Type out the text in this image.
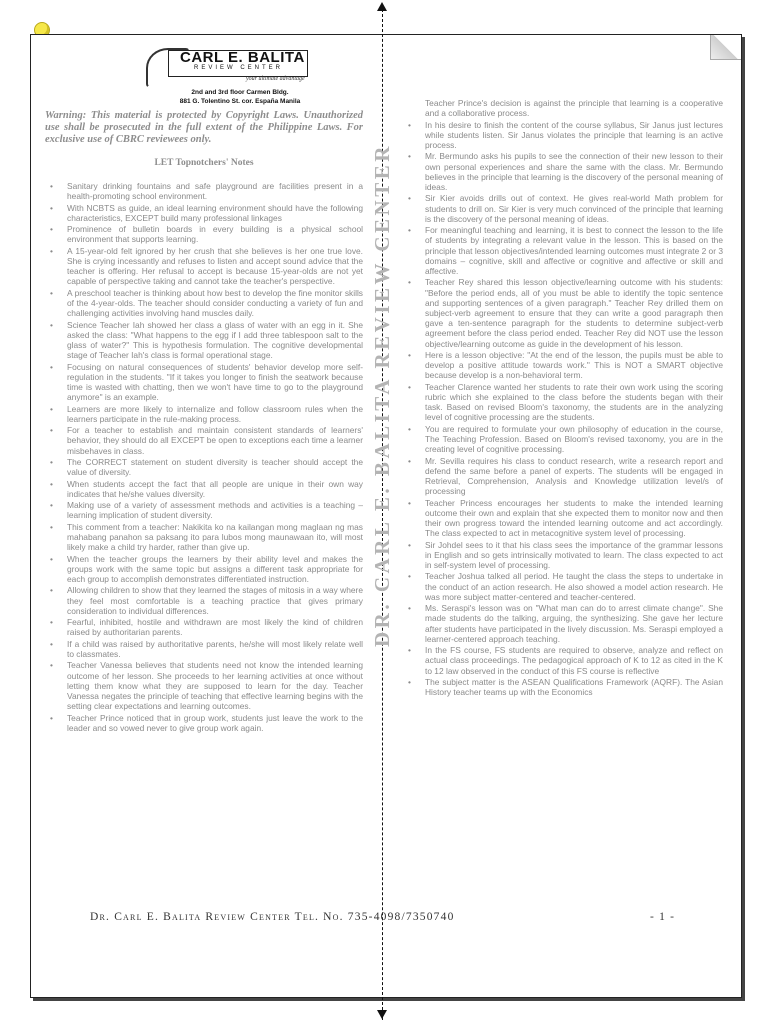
CARL E. BALITA
REVIEW CENTER
your ultimate advantage
2nd and 3rd floor Carmen Bldg.
881 G. Tolentino St. cor. España Manila
Warning: This material is protected by Copyright Laws. Unauthorized use shall be prosecuted in the full extent of the Philippine Laws. For exclusive use of CBRC reviewees only.
LET Topnotchers' Notes	DR. CARL E. BALITA REVIEW CENTER
• Sanitary drinking fountains and safe playground are facilities present in a health-promoting school environment.
• With NCBTS as guide, an ideal learning environment should have the following characteristics, EXCEPT build many professional linkages
• Prominence of bulletin boards in every building is a physical school environment that supports learning.
• A 15-year-old felt ignored by her crush that she believes is her one true love. She is crying incessantly and refuses to listen and accept sound advice that the teacher is offering. Her refusal to accept is because 15-year-olds are not yet capable of perspective taking and cannot take the teacher's perspective.
• A preschool teacher is thinking about how best to develop the fine monitor skills of the 4-year-olds. The teacher should consider conducting a variety of fun and challenging activities involving hand muscles daily.
• Science Teacher Iah showed her class a glass of water with an egg in it. She asked the class: "What happens to the egg if I add three tablespoon salt to the glass of water?" This is hypothesis formulation. The cognitive developmental stage of Teacher Iah's class is formal operational stage.
• Focusing on natural consequences of students' behavior develop more self-regulation in the students. "If it takes you longer to finish the seatwork because time is wasted with chatting, then we won't have time to go to the playground anymore" is an example.
• Learners are more likely to internalize and follow classroom rules when the learners participate in the rule-making process.
• For a teacher to establish and maintain consistent standards of learners' behavior, they should do all EXCEPT be open to exceptions each time a learner misbehaves in class.
• The CORRECT statement on student diversity is teacher should accept the value of diversity.
• When students accept the fact that all people are unique in their own way indicates that he/she values diversity.
• Making use of a variety of assessment methods and activities is a teaching – learning implication of student diversity.
• This comment from a teacher: Nakikita ko na kailangan mong maglaan ng mas mahabang panahon sa paksang ito para lubos mong maunawaan ito, will most likely make a child try harder, rather than give up.
• When the teacher groups the learners by their ability level and makes the groups work with the same topic but assigns a different task appropriate for each group to accomplish demonstrates differentiated instruction.
• Allowing children to show that they learned the stages of mitosis in a way where they feel most comfortable is a teaching practice that gives primary consideration to individual differences.
• Fearful, inhibited, hostile and withdrawn are most likely the kind of children raised by authoritarian parents.
• If a child was raised by authoritative parents, he/she will most likely relate well to classmates.
• Teacher Vanessa believes that students need not know the intended learning outcome of her lesson. She proceeds to her learning activities at once without letting them know what they are supposed to learn for the day. Teacher Vanessa negates the principle of teaching that effective learning begins with the setting clear expectations and learning outcomes.
• Teacher Prince noticed that in group work, students just leave the work to the leader and so vowed never to give group work again.
Teacher Prince's decision is against the principle that learning is a cooperative and a collaborative process.
• In his desire to finish the content of the course syllabus, Sir Janus just lectures while students listen. Sir Janus violates the principle that learning is an active process.
• Mr. Bermundo asks his pupils to see the connection of their new lesson to their own personal experiences and share the same with the class. Mr. Bermundo believes in the principle that learning is the discovery of the personal meaning of ideas.
• Sir Kier avoids drills out of context. He gives real-world Math problem for students to drill on. Sir Kier is very much convinced of the principle that learning is the discovery of the personal meaning of ideas.
• For meaningful teaching and learning, it is best to connect the lesson to the life of students by integrating a relevant value in the lesson. This is based on the principle that lesson objectives/intended learning outcomes must integrate 2 or 3 domains – cognitive, skill and affective or cognitive and affective or skill and affective.
• Teacher Rey shared this lesson objective/learning outcome with his students: "Before the period ends, all of you must be able to identify the topic sentence and supporting sentences of a given paragraph." Teacher Rey drilled them on subject-verb agreement to ensure that they can write a good paragraph then gave a ten-sentence paragraph for the students to determine subject-verb agreement before the class period ended. Teacher Rey did NOT use the lesson objective/learning outcome as guide in the development of his lesson.
• Here is a lesson objective: "At the end of the lesson, the pupils must be able to develop a positive attitude towards work." This is NOT a SMART objective because develop is a non-behavioral term.
• Teacher Clarence wanted her students to rate their own work using the scoring rubric which she explained to the class before the students began with their task. Based on revised Bloom's taxonomy, the students are in the analyzing level of cognitive processing are the students.
• You are required to formulate your own philosophy of education in the course, The Teaching Profession. Based on Bloom's revised taxonomy, you are in the creating level of cognitive processing.
• Mr. Sevilla requires his class to conduct research, write a research report and defend the same before a panel of experts. The students will be engaged in Retrieval, Comprehension, Analysis and Knowledge utilization level/s of processing
• Teacher Princess encourages her students to make the intended learning outcome their own and explain that she expected them to monitor now and then their own progress toward the intended learning outcome and act accordingly. The class expected to act in metacognitive system level of processing.
• Sir Johdel sees to it that his class sees the importance of the grammar lessons in English and so gets intrinsically motivated to learn. The class expected to act in self-system level of processing.
• Teacher Joshua talked all period. He taught the class the steps to undertake in the conduct of an action research. He also showed a model action research. He was more subject matter-centered and teacher-centered.
• Ms. Seraspi's lesson was on "What man can do to arrest climate change". She made students do the talking, arguing, the synthesizing. She gave her lecture after students have participated in the lively discussion. Ms. Seraspi employed a learner-centered approach teaching.
• In the FS course, FS students are required to observe, analyze and reflect on actual class proceedings. The pedagogical approach of K to 12 as cited in the K to 12 law observed in the conduct of this FS course is reflective
• The subject matter is the ASEAN Qualifications Framework (AQRF). The Asian History teacher teams up with the Economics
Dr. Carl E. Balita Review Center Tel. No. 735-4098/7350740	- 1 -
